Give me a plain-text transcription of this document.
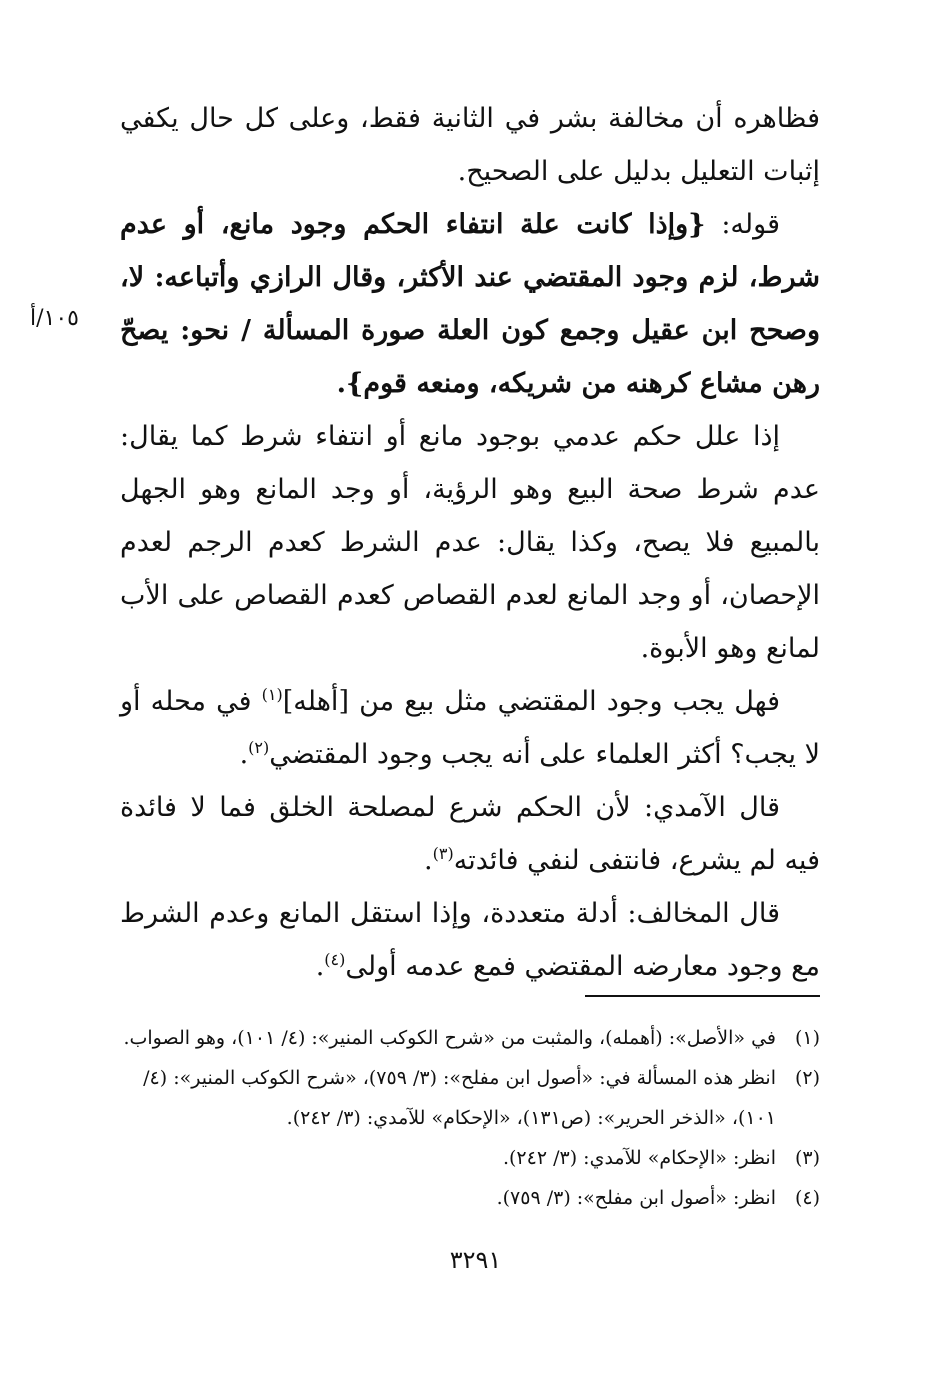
فظاهره أن مخالفة بشر في الثانية فقط، وعلى كل حال يكفي إثبات التعليل بدليل على الصحيح.

قوله: {وإذا كانت علة انتفاء الحكم وجود مانع، أو عدم شرط، لزم وجود المقتضي عند الأكثر، وقال الرازي وأتباعه: لا، وصحح ابن عقيل وجمع كون العلة صورة المسألة / نحو: يصحّ رهن مشاع كرهنه من شريكه، ومنعه قوم}.

إذا علل حكم عدمي بوجود مانع أو انتفاء شرط كما يقال: عدم شرط صحة البيع وهو الرؤية، أو وجد المانع وهو الجهل بالمبيع فلا يصح، وكذا يقال: عدم الشرط كعدم الرجم لعدم الإحصان، أو وجد المانع لعدم القصاص كعدم القصاص على الأب لمانع وهو الأبوة.

فهل يجب وجود المقتضي مثل بيع من [أهله]$^{(١)}$ في محله أو لا يجب؟ أكثر العلماء على أنه يجب وجود المقتضي$^{(٢)}$.

قال الآمدي: لأن الحكم شرع لمصلحة الخلق فما لا فائدة فيه لم يشرع، فانتفى لنفي فائدته$^{(٣)}$.

قال المخالف: أدلة متعددة، وإذا استقل المانع وعدم الشرط مع وجود معارضه المقتضي فمع عدمه أولى$^{(٤)}$.

١٠٥/أ
(١)
في «الأصل»: (أهمله)، والمثبت من «شرح الكوكب المنير»: (٤/ ١٠١)، وهو الصواب.
(٢)
انظر هذه المسألة في: «أصول ابن مفلح»: (٣/ ٧٥٩)، «شرح الكوكب المنير»: (٤/ ١٠١)، «الذخر الحرير»: (ص١٣١)، «الإحكام» للآمدي: (٣/ ٢٤٢).
(٣)
انظر: «الإحكام» للآمدي: (٣/ ٢٤٢).
(٤)
انظر: «أصول ابن مفلح»: (٣/ ٧٥٩).
٣٢٩١
